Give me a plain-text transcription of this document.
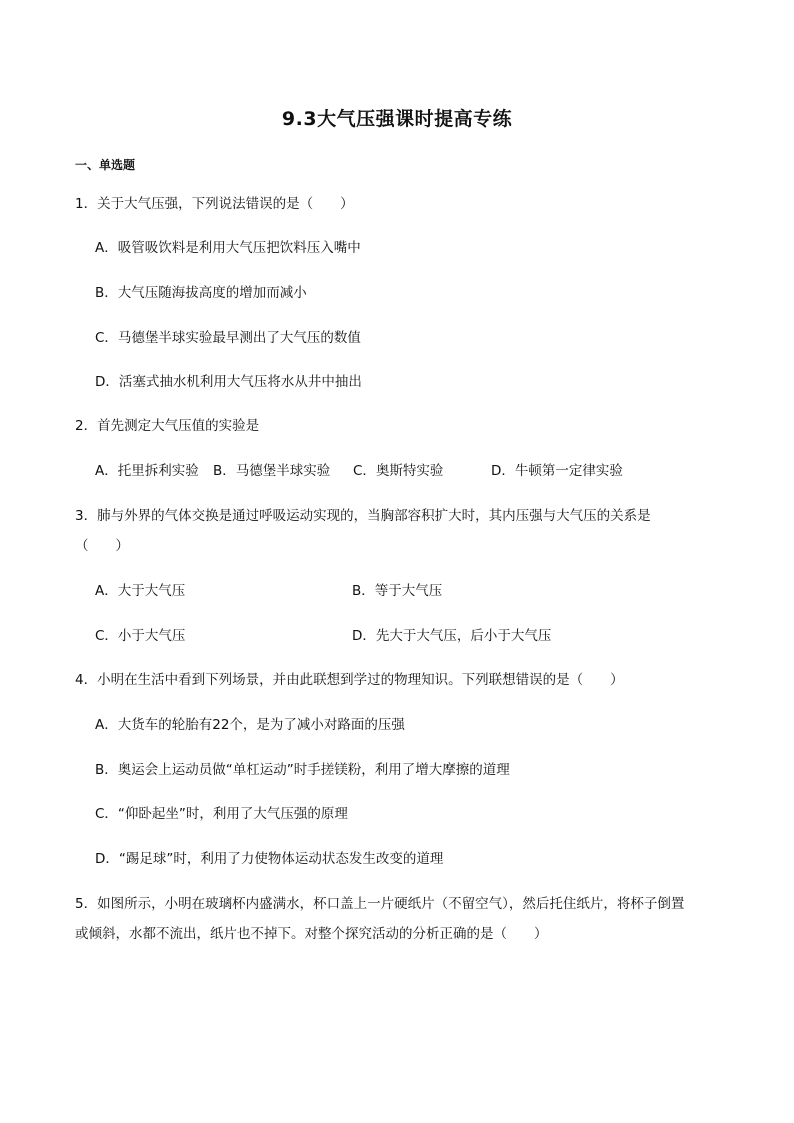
9.3大气压强课时提高专练
一、单选题
1．关于大气压强，下列说法错误的是（　　）
A．吸管吸饮料是利用大气压把饮料压入嘴中
B．大气压随海拔高度的增加而减小
C．马德堡半球实验最早测出了大气压的数值
D．活塞式抽水机利用大气压将水从井中抽出
2．首先测定大气压值的实验是
A．托里拆利实验 B．马德堡半球实验 C．奥斯特实验	D．牛顿第一定律实验
3．肺与外界的气体交换是通过呼吸运动实现的，当胸部容积扩大时，其内压强与大气压的关系是
（　　）
A．大于大气压	B．等于大气压
C．小于大气压	D．先大于大气压，后小于大气压
4．小明在生活中看到下列场景，并由此联想到学过的物理知识。下列联想错误的是（　　）
A．大货车的轮胎有22个，是为了减小对路面的压强
B．奥运会上运动员做“单杠运动”时手搓镁粉，利用了增大摩擦的道理
C．“仰卧起坐”时，利用了大气压强的原理
D．“踢足球”时，利用了力使物体运动状态发生改变的道理
5．如图所示，小明在玻璃杯内盛满水，杯口盖上一片硬纸片（不留空气），然后托住纸片，将杯子倒置
或倾斜，水都不流出，纸片也不掉下。对整个探究活动的分析正确的是（　　）
